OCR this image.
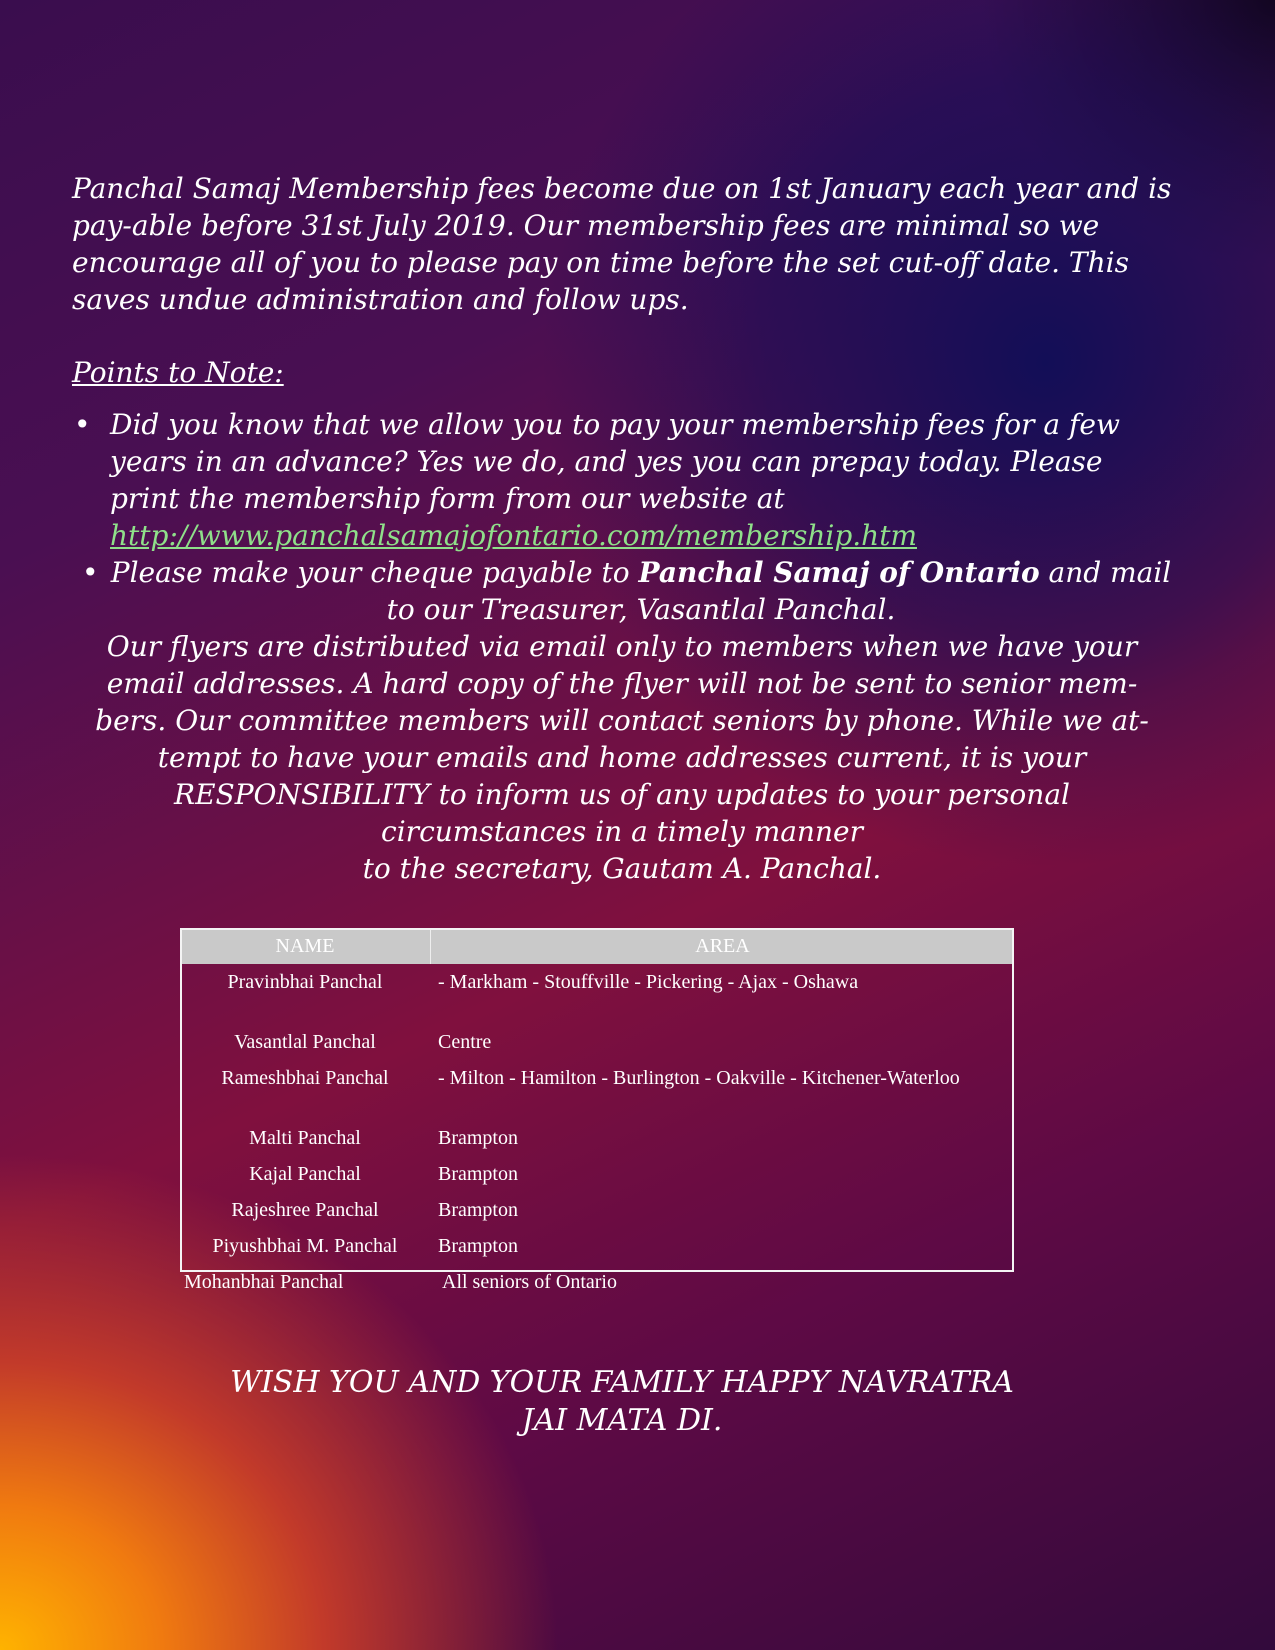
Panchal Samaj Membership fees become due on 1st January each year and is pay-able before 31st July 2019. Our membership fees are minimal so we encourage all of you to please pay on time before the set cut-off date. This saves undue administration and follow ups.

Points to Note:

• Did you know that we allow you to pay your membership fees for a few years in an advance? Yes we do, and yes you can prepay today. Please print the membership form from our website at http://www.panchalsamajofontario.com/membership.htm
• Please make your cheque payable to Panchal Samaj of Ontario and mail to our Treasurer, Vasantlal Panchal.

Our flyers are distributed via email only to members when we have your
email addresses. A hard copy of the flyer will not be sent to senior mem-
bers. Our committee members will contact seniors by phone. While we at-
tempt to have your emails and home addresses current, it is your
RESPONSIBILITY to inform us of any updates to your personal
circumstances in a timely manner
to the secretary, Gautam A. Panchal.

NAME	AREA
Pravinbhai Panchal	- Markham - Stouffville - Pickering - Ajax - Oshawa
Vasantlal Panchal	Centre
Rameshbhai Panchal	- Milton - Hamilton - Burlington - Oakville - Kitchener-Waterloo
Malti Panchal	Brampton
Kajal Panchal	Brampton
Rajeshree Panchal	Brampton
Piyushbhai M. Panchal	Brampton
Mohanbhai Panchal	All seniors of Ontario

WISH YOU AND YOUR FAMILY HAPPY NAVRATRA
JAI MATA DI.
